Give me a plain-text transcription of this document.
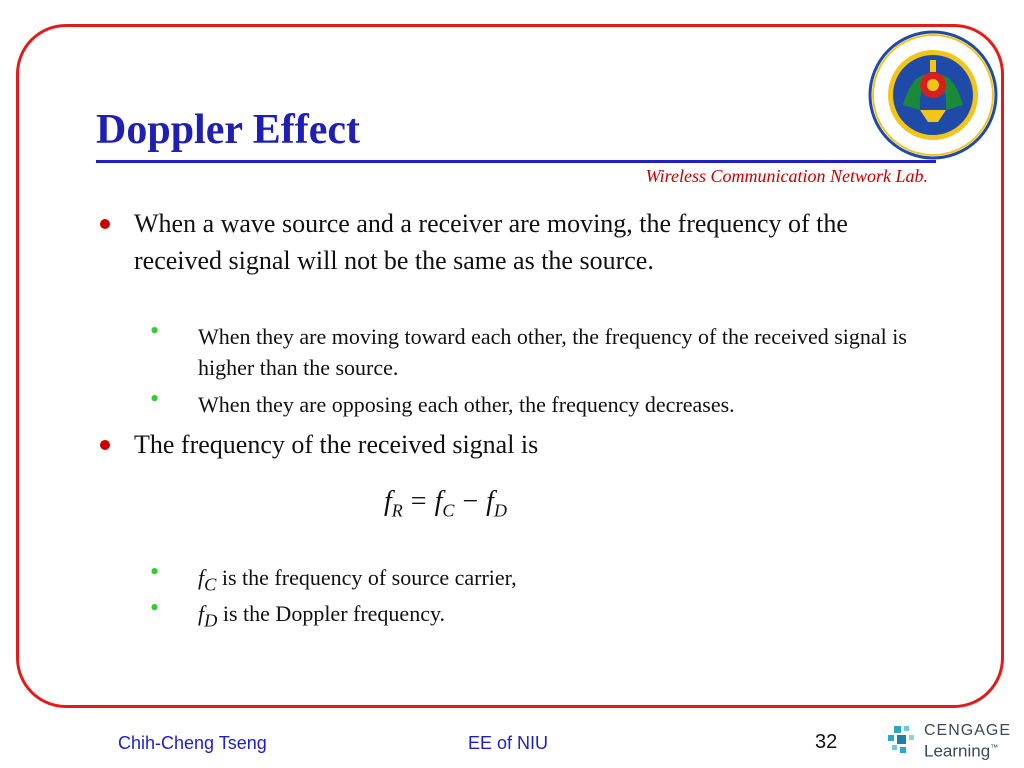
Doppler Effect
Wireless Communication Network Lab.
When a wave source and a receiver are moving, the frequency of the received signal will not be the same as the source.
• When they are moving toward each other, the frequency of the received signal is higher than the source.
• When they are opposing each other, the frequency decreases.
The frequency of the received signal is
$f_R = f_C - f_D$
• $f_C$ is the frequency of source carrier,
• $f_D$ is the Doppler frequency.
Chih-Cheng Tseng	EE of NIU	32
CENGAGE
Learning™
